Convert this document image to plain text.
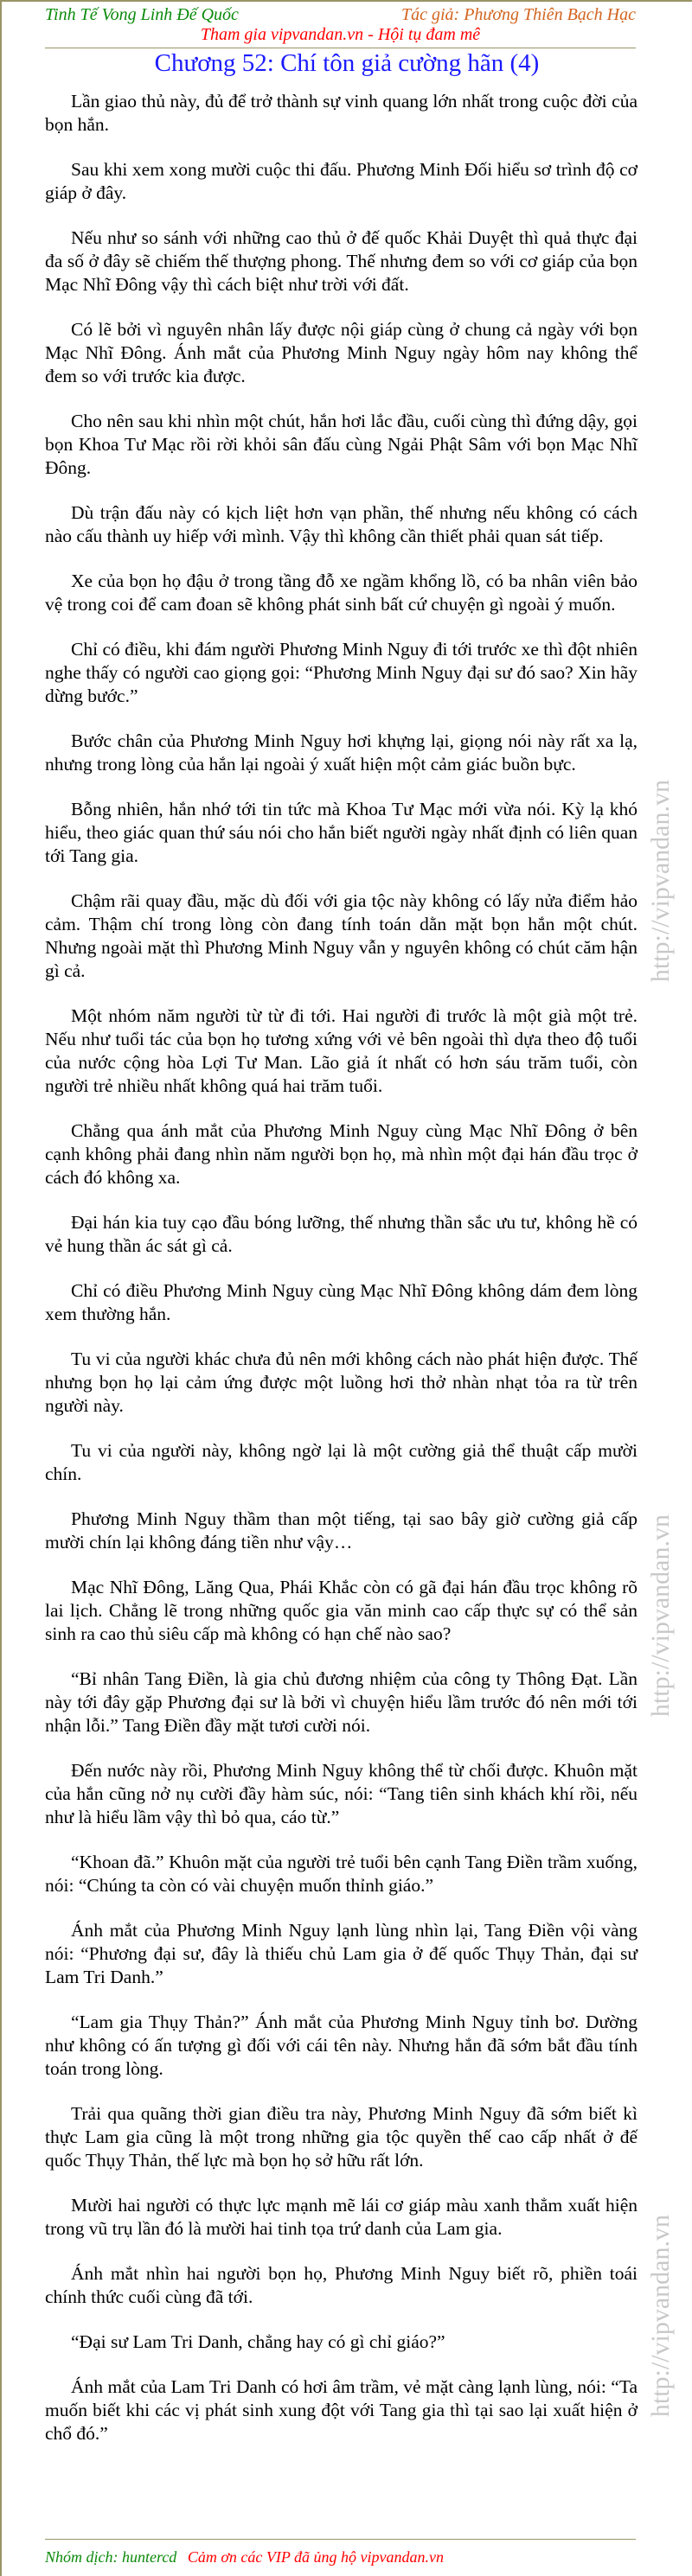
Tinh Tế Vong Linh Đế Quốc	Tác giả: Phương Thiên Bạch Hạc
Tham gia vipvandan.vn - Hội tụ đam mê
Chương 52: Chí tôn giả cường hãn (4)

Lần giao thủ này, đủ để trở thành sự vinh quang lớn nhất trong cuộc đời của bọn hắn.

Sau khi xem xong mười cuộc thi đấu. Phương Minh Đối hiểu sơ trình độ cơ giáp ở đây.

Nếu như so sánh với những cao thủ ở đế quốc Khải Duyệt thì quả thực đại đa số ở đây sẽ chiếm thế thượng phong. Thế nhưng đem so với cơ giáp của bọn Mạc Nhĩ Đông vậy thì cách biệt như trời với đất.

Có lẽ bởi vì nguyên nhân lấy được nội giáp cùng ở chung cả ngày với bọn Mạc Nhĩ Đông. Ánh mắt của Phương Minh Nguy ngày hôm nay không thể đem so với trước kia được.

Cho nên sau khi nhìn một chút, hắn hơi lắc đầu, cuối cùng thì đứng dậy, gọi bọn Khoa Tư Mạc rồi rời khỏi sân đấu cùng Ngải Phật Sâm với bọn Mạc Nhĩ Đông.

Dù trận đấu này có kịch liệt hơn vạn phần, thế nhưng nếu không có cách nào cấu thành uy hiếp với mình. Vậy thì không cần thiết phải quan sát tiếp.

Xe của bọn họ đậu ở trong tầng đỗ xe ngầm khổng lồ, có ba nhân viên bảo vệ trong coi để cam đoan sẽ không phát sinh bất cứ chuyện gì ngoài ý muốn.

Chỉ có điều, khi đám người Phương Minh Nguy đi tới trước xe thì đột nhiên nghe thấy có người cao giọng gọi: “Phương Minh Nguy đại sư đó sao? Xin hãy dừng bước.”

Bước chân của Phương Minh Nguy hơi khựng lại, giọng nói này rất xa lạ, nhưng trong lòng của hắn lại ngoài ý xuất hiện một cảm giác buồn bực.

Bỗng nhiên, hắn nhớ tới tin tức mà Khoa Tư Mạc mới vừa nói. Kỳ lạ khó hiểu, theo giác quan thứ sáu nói cho hắn biết người ngày nhất định có liên quan tới Tang gia.

Chậm rãi quay đầu, mặc dù đối với gia tộc này không có lấy nửa điểm hảo cảm. Thậm chí trong lòng còn đang tính toán dằn mặt bọn hắn một chút. Nhưng ngoài mặt thì Phương Minh Nguy vẫn y nguyên không có chút căm hận gì cả.

Một nhóm năm người từ từ đi tới. Hai người đi trước là một già một trẻ. Nếu như tuổi tác của bọn họ tương xứng với vẻ bên ngoài thì dựa theo độ tuổi của nước cộng hòa Lợi Tư Man. Lão giả ít nhất có hơn sáu trăm tuổi, còn người trẻ nhiều nhất không quá hai trăm tuổi.

Chẳng qua ánh mắt của Phương Minh Nguy cùng Mạc Nhĩ Đông ở bên cạnh không phải đang nhìn năm người bọn họ, mà nhìn một đại hán đầu trọc ở cách đó không xa.

Đại hán kia tuy cạo đầu bóng lưỡng, thế nhưng thần sắc ưu tư, không hề có vẻ hung thần ác sát gì cả.

Chỉ có điều Phương Minh Nguy cùng Mạc Nhĩ Đông không dám đem lòng xem thường hắn.

Tu vi của người khác chưa đủ nên mới không cách nào phát hiện được. Thế nhưng bọn họ lại cảm ứng được một luồng hơi thở nhàn nhạt tỏa ra từ trên người này.

Tu vi của người này, không ngờ lại là một cường giả thể thuật cấp mười chín.

Phương Minh Nguy thầm than một tiếng, tại sao bây giờ cường giả cấp mười chín lại không đáng tiền như vậy…

Mạc Nhĩ Đông, Lăng Qua, Phái Khắc còn có gã đại hán đầu trọc không rõ lai lịch. Chẳng lẽ trong những quốc gia văn minh cao cấp thực sự có thể sản sinh ra cao thủ siêu cấp mà không có hạn chế nào sao?

“Bỉ nhân Tang Điền, là gia chủ đương nhiệm của công ty Thông Đạt. Lần này tới đây gặp Phương đại sư là bởi vì chuyện hiểu lầm trước đó nên mới tới nhận lỗi.” Tang Điền đầy mặt tươi cười nói.

Đến nước này rồi, Phương Minh Nguy không thể từ chối được. Khuôn mặt của hắn cũng nở nụ cười đầy hàm súc, nói: “Tang tiên sinh khách khí rồi, nếu như là hiểu lầm vậy thì bỏ qua, cáo từ.”

“Khoan đã.” Khuôn mặt của người trẻ tuổi bên cạnh Tang Điền trầm xuống, nói: “Chúng ta còn có vài chuyện muốn thỉnh giáo.”

Ánh mắt của Phương Minh Nguy lạnh lùng nhìn lại, Tang Điền vội vàng nói: “Phương đại sư, đây là thiếu chủ Lam gia ở đế quốc Thụy Thản, đại sư Lam Tri Danh.”

“Lam gia Thụy Thản?” Ánh mắt của Phương Minh Nguy tỉnh bơ. Dường như không có ấn tượng gì đối với cái tên này. Nhưng hắn đã sớm bắt đầu tính toán trong lòng.

Trải qua quãng thời gian điều tra này, Phương Minh Nguy đã sớm biết kì thực Lam gia cũng là một trong những gia tộc quyền thế cao cấp nhất ở đế quốc Thụy Thản, thế lực mà bọn họ sở hữu rất lớn.

Mười hai người có thực lực mạnh mẽ lái cơ giáp màu xanh thẳm xuất hiện trong vũ trụ lần đó là mười hai tinh tọa trứ danh của Lam gia.

Ánh mắt nhìn hai người bọn họ, Phương Minh Nguy biết rõ, phiền toái chính thức cuối cùng đã tới.

“Đại sư Lam Tri Danh, chẳng hay có gì chỉ giáo?”

Ánh mắt của Lam Tri Danh có hơi âm trầm, vẻ mặt càng lạnh lùng, nói: “Ta muốn biết khi các vị phát sinh xung đột với Tang gia thì tại sao lại xuất hiện ở chổ đó.”

Nhóm dịch: huntercd Cảm ơn các VIP đã ủng hộ vipvandan.vn
http://vipvandan.vn
http://vipvandan.vn
http://vipvandan.vn
